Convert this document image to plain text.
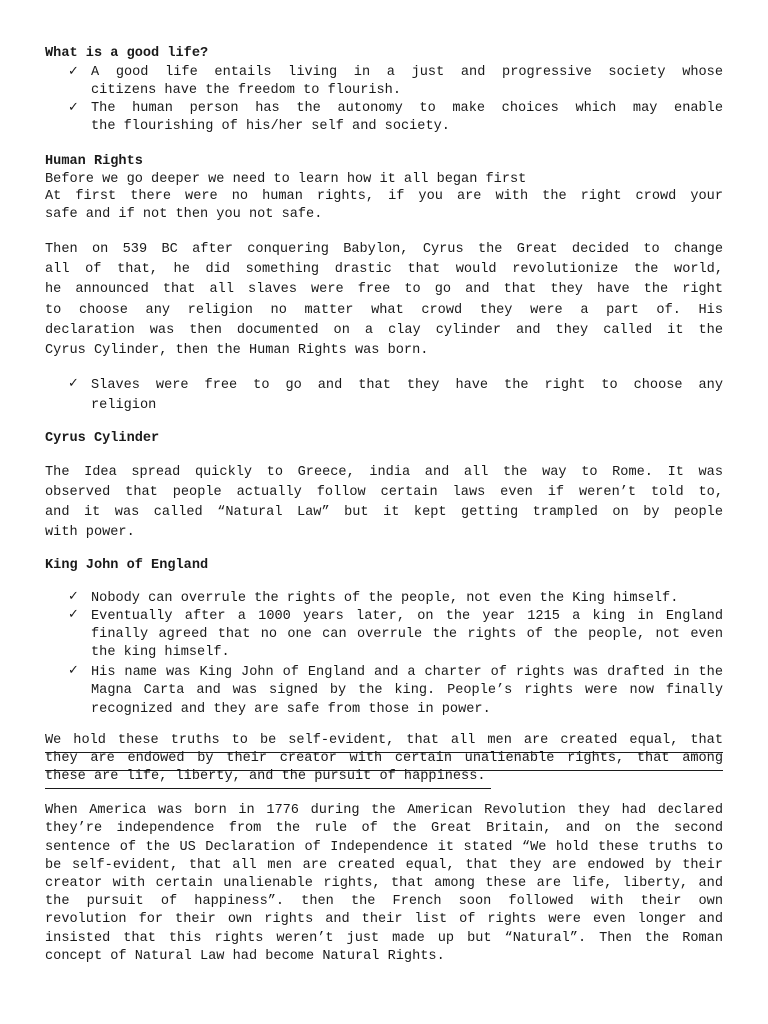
What is a good life?
✓ A good life entails living in a just and progressive society whose
citizens have the freedom to flourish.
✓ The human person has the autonomy to make choices which may enable
the flourishing of his/her self and society.
Human Rights
Before we go deeper we need to learn how it all began first
At first there were no human rights, if you are with the right crowd your
safe and if not then you not safe.
Then on 539 BC after conquering Babylon, Cyrus the Great decided to change
all of that, he did something drastic that would revolutionize the world,
he announced that all slaves were free to go and that they have the right
to choose any religion no matter what crowd they were a part of. His
declaration was then documented on a clay cylinder and they called it the
Cyrus Cylinder, then the Human Rights was born.
✓ Slaves were free to go and that they have the right to choose any
religion
Cyrus Cylinder
The Idea spread quickly to Greece, india and all the way to Rome. It was
observed that people actually follow certain laws even if weren’t told to,
and it was called “Natural Law” but it kept getting trampled on by people
with power.
King John of England
✓ Nobody can overrule the rights of the people, not even the King himself.
✓ Eventually after a 1000 years later, on the year 1215 a king in England
finally agreed that no one can overrule the rights of the people, not even
the king himself.
✓ His name was King John of England and a charter of rights was drafted in the
Magna Carta and was signed by the king. People’s rights were now finally
recognized and they are safe from those in power.
We hold these truths to be self-evident, that all men are created equal, that
they are endowed by their creator with certain unalienable rights, that among
these are life, liberty, and the pursuit of happiness.
When America was born in 1776 during the American Revolution they had declared
they’re independence from the rule of the Great Britain, and on the second
sentence of the US Declaration of Independence it stated “We hold these truths to
be self-evident, that all men are created equal, that they are endowed by their
creator with certain unalienable rights, that among these are life, liberty, and
the pursuit of happiness”. then the French soon followed with their own
revolution for their own rights and their list of rights were even longer and
insisted that this rights weren’t just made up but “Natural”. Then the Roman
concept of Natural Law had become Natural Rights.
